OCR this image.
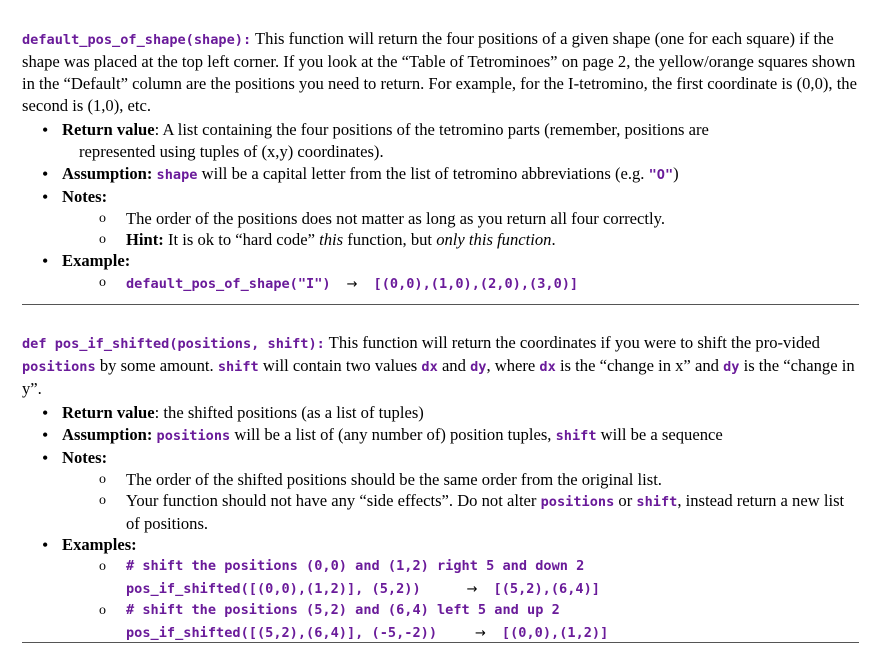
default_pos_of_shape(shape): This function will return the four positions of a given shape (one for each square) if the shape was placed at the top left corner. If you look at the “Table of Tetrominoes” on page 2, the yellow/orange squares shown in the “Default” column are the positions you need to return. For example, for the I-tetromino, the first coordinate is (0,0), the second is (1,0), etc.

• Return value: A list containing the four positions of the tetromino parts (remember, positions are
represented using tuples of (x,y) coordinates).
• Assumption: shape will be a capital letter from the list of tetromino abbreviations (e.g. "O")
• Notes:
o The order of the positions does not matter as long as you return all four correctly.
o Hint: It is ok to “hard code” this function, but only this function.
• Example:
o default_pos_of_shape("I") → [(0,0),(1,0),(2,0),(3,0)]

def pos_if_shifted(positions, shift): This function will return the coordinates if you were to shift the pro-vided positions by some amount. shift will contain two values dx and dy, where dx is the “change in x” and dy is the “change in y”.

• Return value: the shifted positions (as a list of tuples)
• Assumption: positions will be a list of (any number of) position tuples, shift will be a sequence
• Notes:
o The order of the shifted positions should be the same order from the original list.
o Your function should not have any “side effects”. Do not alter positions or shift, instead return a new list of positions.
• Examples:
o # shift the positions (0,0) and (1,2) right 5 and down 2
pos_if_shifted([(0,0),(1,2)], (5,2))	→ [(5,2),(6,4)]
o # shift the positions (5,2) and (6,4) left 5 and up 2
pos_if_shifted([(5,2),(6,4)], (-5,-2))	→ [(0,0),(1,2)]
